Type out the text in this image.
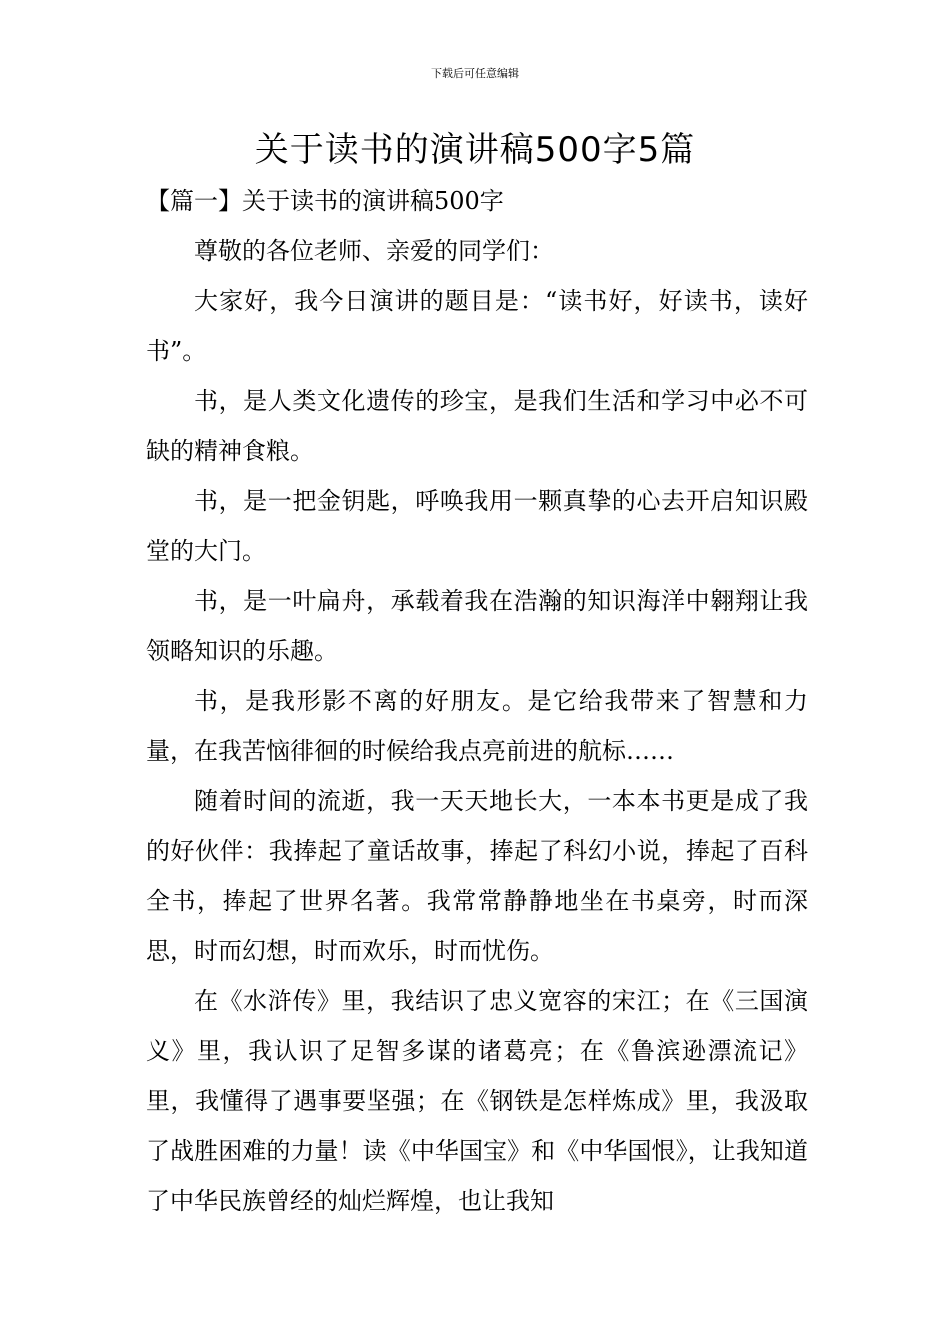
下载后可任意编辑
关于读书的演讲稿500字5篇

【篇一】关于读书的演讲稿500字

尊敬的各位老师、亲爱的同学们：

大家好，我今日演讲的题目是：“读书好，好读书，读好书”。

书，是人类文化遗传的珍宝，是我们生活和学习中必不可缺的精神食粮。

书，是一把金钥匙，呼唤我用一颗真挚的心去开启知识殿堂的大门。

书，是一叶扁舟，承载着我在浩瀚的知识海洋中翱翔让我领略知识的乐趣。

书，是我形影不离的好朋友。是它给我带来了智慧和力量，在我苦恼徘徊的时候给我点亮前进的航标……

随着时间的流逝，我一天天地长大，一本本书更是成了我的好伙伴：我捧起了童话故事，捧起了科幻小说，捧起了百科全书，捧起了世界名著。我常常静静地坐在书桌旁，时而深思，时而幻想，时而欢乐，时而忧伤。

在《水浒传》里，我结识了忠义宽容的宋江；在《三国演义》里，我认识了足智多谋的诸葛亮；在《鲁滨逊漂流记》里，我懂得了遇事要坚强；在《钢铁是怎样炼成》里，我汲取了战胜困难的力量！读《中华国宝》和《中华国恨》，让我知道了中华民族曾经的灿烂辉煌，也让我知
